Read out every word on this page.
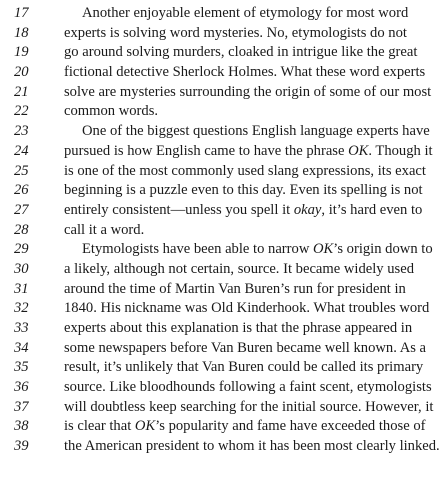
17	Another enjoyable element of etymology for most word
18 experts is solving word mysteries. No, etymologists do not
19 go around solving murders, cloaked in intrigue like the great
20 fictional detective Sherlock Holmes. What these word experts
21 solve are mysteries surrounding the origin of some of our most
22 common words.
23	One of the biggest questions English language experts have
24 pursued is how English came to have the phrase OK. Though it
25 is one of the most commonly used slang expressions, its exact
26 beginning is a puzzle even to this day. Even its spelling is not
27 entirely consistent—unless you spell it okay, it’s hard even to
28 call it a word.
29	Etymologists have been able to narrow OK’s origin down to
30 a likely, although not certain, source. It became widely used
31 around the time of Martin Van Buren’s run for president in
32 1840. His nickname was Old Kinderhook. What troubles word
33 experts about this explanation is that the phrase appeared in
34 some newspapers before Van Buren became well known. As a
35 result, it’s unlikely that Van Buren could be called its primary
36 source. Like bloodhounds following a faint scent, etymologists
37 will doubtless keep searching for the initial source. However, it
38 is clear that OK’s popularity and fame have exceeded those of
39 the American president to whom it has been most clearly linked.
